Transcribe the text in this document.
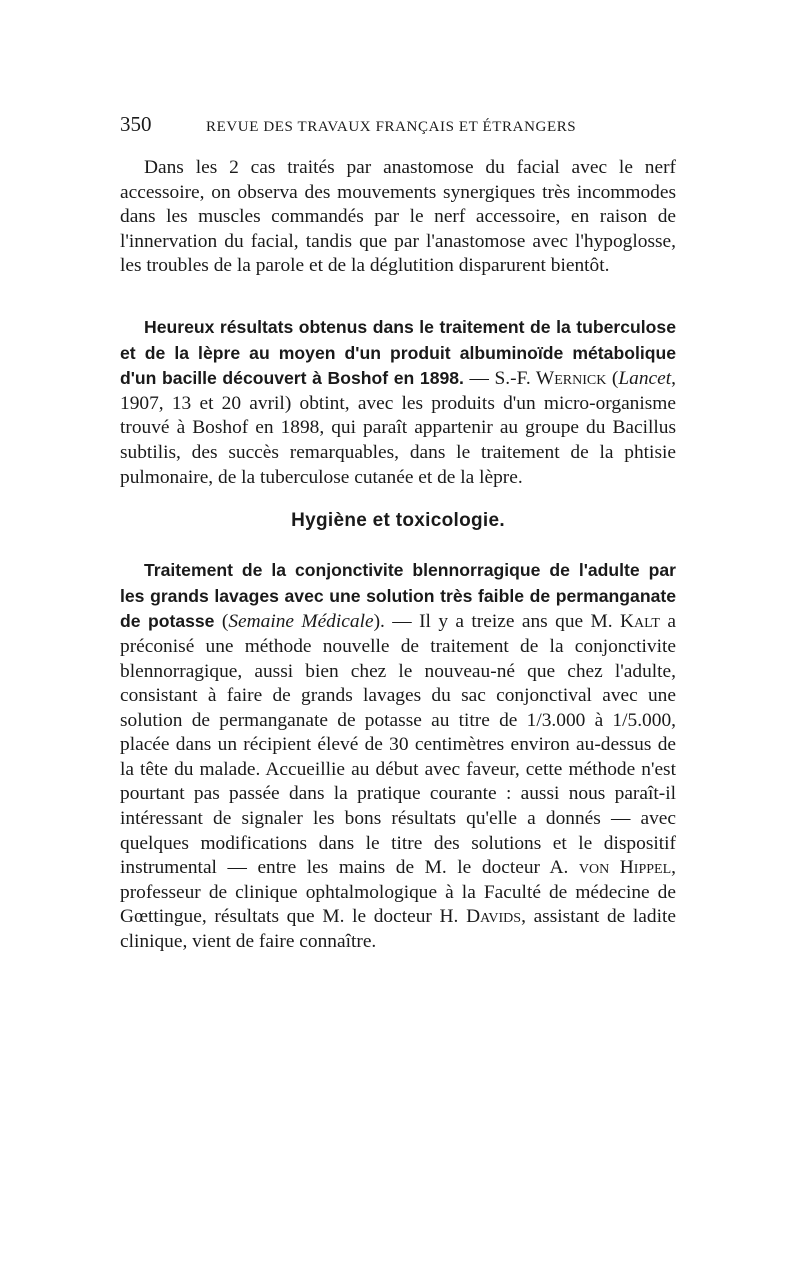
350	REVUE DES TRAVAUX FRANÇAIS ET ÉTRANGERS

Dans les 2 cas traités par anastomose du facial avec le nerf accessoire, on observa des mouvements synergiques très incommodes dans les muscles commandés par le nerf accessoire, en raison de l'innervation du facial, tandis que par l'anastomose avec l'hypoglosse, les troubles de la parole et de la déglutition disparurent bientôt.

Heureux résultats obtenus dans le traitement de la tuberculose et de la lèpre au moyen d'un produit albuminoïde métabolique d'un bacille découvert à Boshof en 1898. — S.-F. Wernick (Lancet, 1907, 13 et 20 avril) obtint, avec les produits d'un micro-organisme trouvé à Boshof en 1898, qui paraît appartenir au groupe du Bacillus subtilis, des succès remarquables, dans le traitement de la phtisie pulmonaire, de la tuberculose cutanée et de la lèpre.

Hygiène et toxicologie.

Traitement de la conjonctivite blennorragique de l'adulte par les grands lavages avec une solution très faible de permanganate de potasse (Semaine Médicale). — Il y a treize ans que M. Kalt a préconisé une méthode nouvelle de traitement de la conjonctivite blennorragique, aussi bien chez le nouveau-né que chez l'adulte, consistant à faire de grands lavages du sac conjonctival avec une solution de permanganate de potasse au titre de 1/3.000 à 1/5.000, placée dans un récipient élevé de 30 centimètres environ au-dessus de la tête du malade. Accueillie au début avec faveur, cette méthode n'est pourtant pas passée dans la pratique courante : aussi nous paraît-il intéressant de signaler les bons résultats qu'elle a donnés — avec quelques modifications dans le titre des solutions et le dispositif instrumental — entre les mains de M. le docteur A. von Hippel, professeur de clinique ophtalmologique à la Faculté de médecine de Gœttingue, résultats que M. le docteur H. Davids, assistant de ladite clinique, vient de faire connaître.
